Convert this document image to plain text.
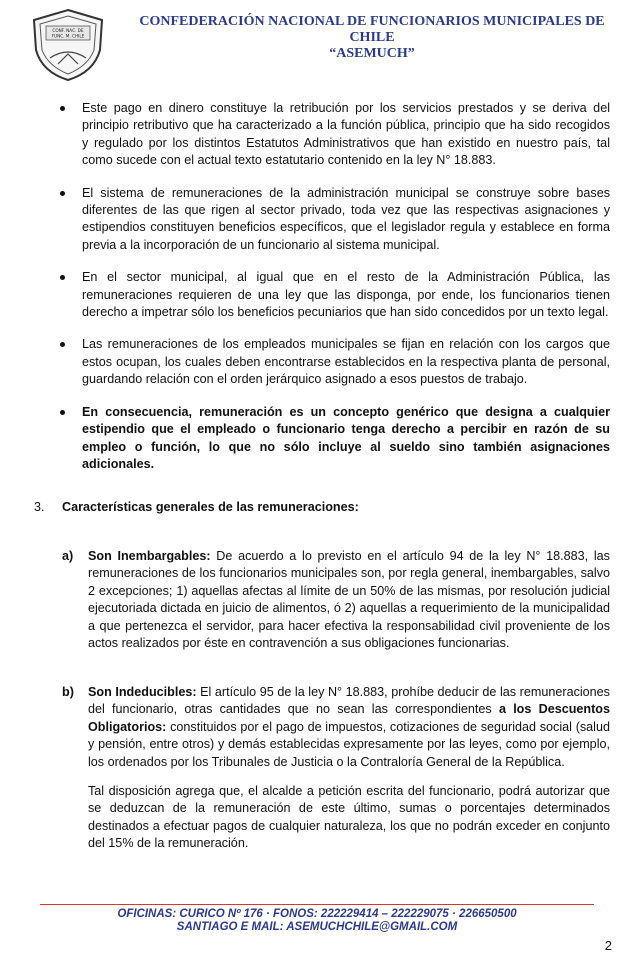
CONF. NAC. DE
FUNC. M. CHILE
CONFEDERACIÓN NACIONAL DE FUNCIONARIOS MUNICIPALES DE CHILE
“ASEMUCH”
Este pago en dinero constituye la retribución por los servicios prestados y se deriva del principio retributivo que ha caracterizado a la función pública, principio que ha sido recogidos y regulado por los distintos Estatutos Administrativos que han existido en nuestro país, tal como sucede con el actual texto estatutario contenido en la ley N° 18.883.
El sistema de remuneraciones de la administración municipal se construye sobre bases diferentes de las que rigen al sector privado, toda vez que las respectivas asignaciones y estipendios constituyen beneficios específicos, que el legislador regula y establece en forma previa a la incorporación de un funcionario al sistema municipal.
En el sector municipal, al igual que en el resto de la Administración Pública, las remuneraciones requieren de una ley que las disponga, por ende, los funcionarios tienen derecho a impetrar sólo los beneficios pecuniarios que han sido concedidos por un texto legal.
Las remuneraciones de los empleados municipales se fijan en relación con los cargos que estos ocupan, los cuales deben encontrarse establecidos en la respectiva planta de personal, guardando relación con el orden jerárquico asignado a esos puestos de trabajo.
En consecuencia, remuneración es un concepto genérico que designa a cualquier estipendio que el empleado o funcionario tenga derecho a percibir en razón de su empleo o función, lo que no sólo incluye al sueldo sino también asignaciones adicionales.
3. Características generales de las remuneraciones:
a) Son Inembargables: De acuerdo a lo previsto en el artículo 94 de la ley N° 18.883, las remuneraciones de los funcionarios municipales son, por regla general, inembargables, salvo 2 excepciones; 1) aquellas afectas al límite de un 50% de las mismas, por resolución judicial ejecutoriada dictada en juicio de alimentos, ó 2) aquellas a requerimiento de la municipalidad a que pertenezca el servidor, para hacer efectiva la responsabilidad civil proveniente de los actos realizados por éste en contravención a sus obligaciones funcionarias.
b) Son Indeducibles: El artículo 95 de la ley N° 18.883, prohíbe deducir de las remuneraciones del funcionario, otras cantidades que no sean las correspondientes a los Descuentos Obligatorios: constituidos por el pago de impuestos, cotizaciones de seguridad social (salud y pensión, entre otros) y demás establecidas expresamente por las leyes, como por ejemplo, los ordenados por los Tribunales de Justicia o la Contraloría General de la República.

Tal disposición agrega que, el alcalde a petición escrita del funcionario, podrá autorizar que se deduzcan de la remuneración de este último, sumas o porcentajes determinados destinados a efectuar pagos de cualquier naturaleza, los que no podrán exceder en conjunto del 15% de la remuneración.

OFICINAS: CURICO Nº 176 · FONOS: 222229414 – 222229075 · 226650500
SANTIAGO E MAIL: ASEMUCHCHILE@GMAIL.COM
2
